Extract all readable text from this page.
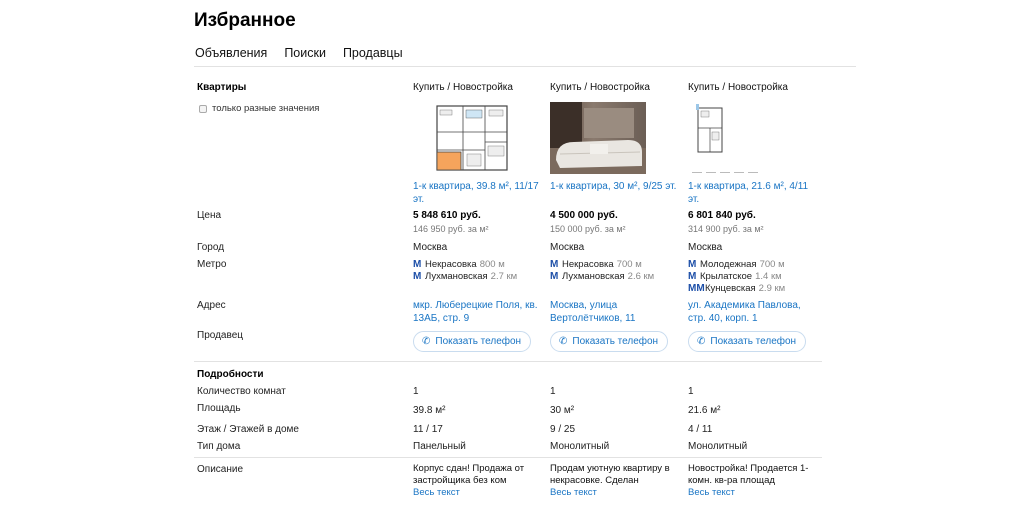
Избранное
Объявления Поиски Продавцы
Квартиры
только разные значения
Цена
Город
Метро
Адрес
Продавец
Подробности
Количество комнат
Площадь
Этаж / Этажей в доме
Тип дома
Описание
Купить / Новостройка
1-к квартира, 39.8 м², 11/17 эт.
5 848 610 руб.
146 950 руб. за м²
Москва
M Некрасовка 800 м
M Лухмановская 2.7 км
мкр. Люберецкие Поля, кв. 13АБ, стр. 9
✆ Показать телефон
1
39.8 м²
11 / 17
Панельный
Корпус сдан! Продажа от застройщика без ком
Весь текст
Купить / Новостройка
1-к квартира, 30 м², 9/25 эт.
4 500 000 руб.
150 000 руб. за м²
Москва
M Некрасовка 700 м
M Лухмановская 2.6 км
Москва, улица Вертолётчиков, 11
✆ Показать телефон
1
30 м²
9 / 25
Монолитный
Продам уютную квартиру в некрасовке. Сделан
Весь текст
Купить / Новостройка
1-к квартира, 21.6 м², 4/11 эт.
6 801 840 руб.
314 900 руб. за м²
Москва
M Молодежная 700 м
M Крылатское 1.4 км
MM Кунцевская 2.9 км
ул. Академика Павлова, стр. 40, корп. 1
✆ Показать телефон
1
21.6 м²
4 / 11
Монолитный
Новостройка! Продается 1-комн. кв-ра площад
Весь текст
